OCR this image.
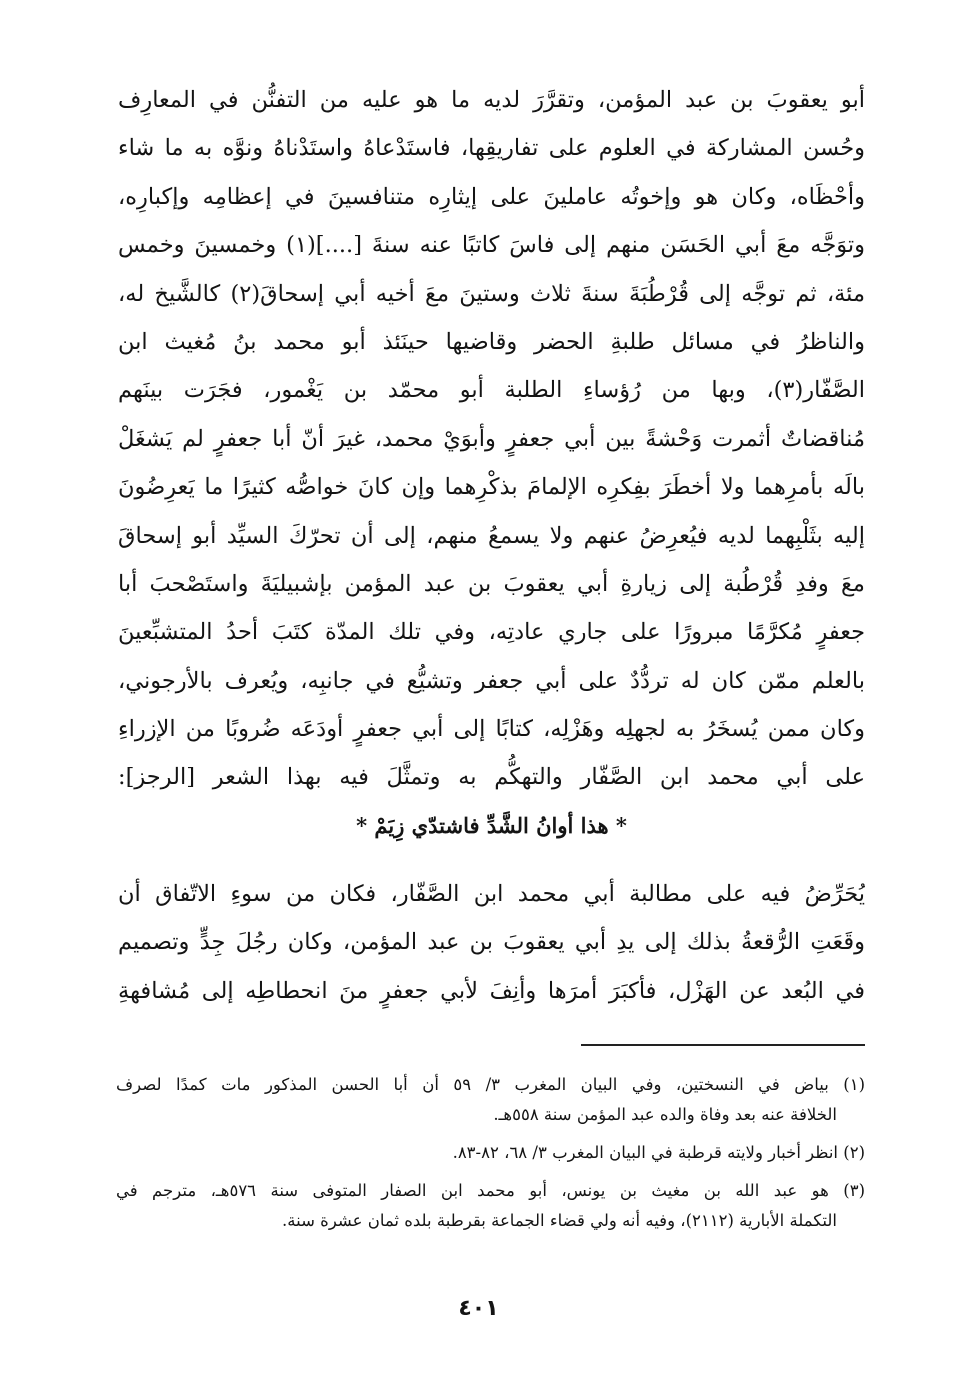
أبو يعقوبَ بن عبد المؤمن، وتقرَّرَ لديه ما هو عليه من التفنُّن في المعارِف
وحُسن المشاركة في العلوم على تفاريقِها، فاستَدْعاهُ واستَدْناهُ ونوَّه به ما شاء
وأحْظَاه، وكان هو وإخوتُه عاملينَ على إيثارِه متنافسينَ في إعظامِه وإكبارِه،
وتوَجَّه معَ أبي الحَسَن منهم إلى فاسَ كاتبًا عنه سنةَ [....](١) وخمسينَ وخمس
مئة، ثم توجَّه إلى قُرْطُبَةَ سنةَ ثلاث وستينَ معَ أخيه أبي إسحاقَ(٢) كالشَّيخ له،
والناظرُ في مسائل طلبةِ الحضر وقاضيها حينَئذ أبو محمد بنُ مُغيث ابن
الصَّفّار(٣)، وبها من رُؤساءِ الطلبة أبو محمّد بن يَغْمور، فجَرَت بينَهم
مُناقضاتٌ أثمرت وَحْشةً بين أبي جعفرٍ وأبوَيْ محمد، غيرَ أنّ أبا جعفرٍ لم يَشغَلْ
بالَه بأمرِهما ولا أخطَرَ بفِكرِه الإلمامَ بذكْرِهما وإن كانَ خواصُّه كثيرًا ما يَعرِضُونَ
إليه بثَلْبِهما لديه فيُعرِضُ عنهم ولا يسمعُ منهم، إلى أن تحرّكَ السيِّد أبو إسحاقَ
معَ وفدِ قُرْطُبة إلى زيارةِ أبي يعقوبَ بن عبد المؤمن بإشبيليَةَ واستَصْحبَ أبا
جعفرٍ مُكرَّمًا مبرورًا على جاري عادتِه، وفي تلك المدّة كتَبَ أحدُ المتشبِّعينَ
بالعلم ممّن كان له تردُّدٌ على أبي جعفر وتشيُّع في جانبِه، ويُعرف بالأرجوني،
وكان ممن يُسخَرُ به لجهلِه وهَزْلِه، كتابًا إلى أبي جعفرٍ أودَعَه ضُروبًا من الإزراءِ
على أبي محمد ابن الصَّفّار والتهكُّم به وتمثَّلَ فيه بهذا الشعر [الرجز]:
* هذا أوانُ الشَّدِّ فاشتدّي زِيَمْ *
يُحَرِّضُ فيه على مطالبة أبي محمد ابن الصَّفّار، فكان من سوءِ الاتّفاق أن
وقَعَتِ الرُّقعةُ بذلك إلى يدِ أبي يعقوبَ بن عبد المؤمن، وكان رجُلَ جِدٍّ وتصميم
في البُعد عن الهَزْل، فأكبَرَ أمرَها وأنِفَ لأبي جعفرٍ منَ انحطاطِه إلى مُشافهةِ
(١) بياض في النسختين، وفي البيان المغرب ٣/ ٥٩ أن أبا الحسن المذكور مات كمدًا لصرف
الخلافة عنه بعد وفاة والده عبد المؤمن سنة ٥٥٨هـ.
(٢) انظر أخبار ولايته قرطبة في البيان المغرب ٣/ ٦٨، ٨٢-٨٣.
(٣) هو عبد الله بن مغيث بن يونس، أبو محمد ابن الصفار المتوفى سنة ٥٧٦هـ، مترجم في
التكملة الأبارية (٢١١٢)، وفيه أنه ولي قضاء الجماعة بقرطبة بلده ثمان عشرة سنة.
٤٠١
